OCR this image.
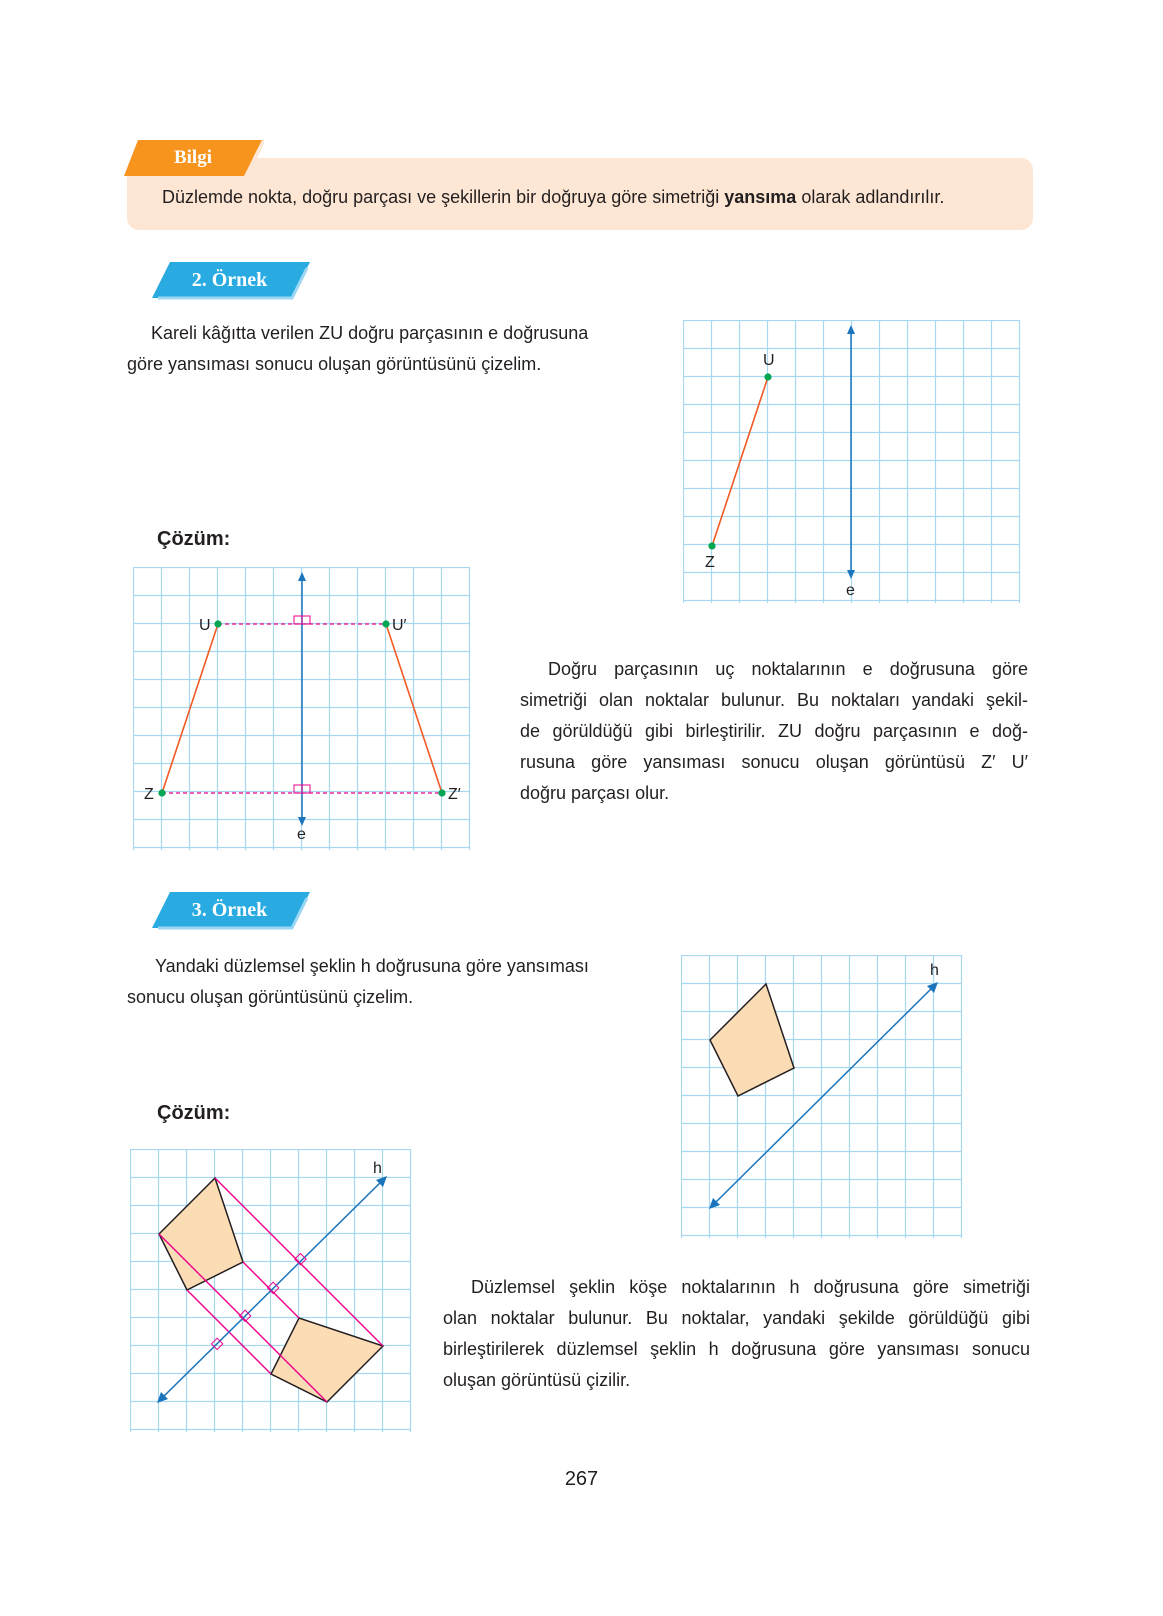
Bilgi
Düzlemde nokta, doğru parçası ve şekillerin bir doğruya göre simetriği yansıma olarak adlandırılır.
2. Örnek
Kareli kâğıtta verilen ZU doğru parçasının e doğrusuna
göre yansıması sonucu oluşan görüntüsünü çizelim.	U
Z
e
Çözüm:
U
Z
U′
Z′
e
Doğru parçasının uç noktalarının e doğrusuna göre
simetriği olan noktalar bulunur. Bu noktaları yandaki şekil-
de görüldüğü gibi birleştirilir. ZU doğru parçasının e doğ-
rusuna göre yansıması sonucu oluşan görüntüsü Z′ U′
doğru parçası olur.
3. Örnek
Yandaki düzlemsel şeklin h doğrusuna göre yansıması
sonucu oluşan görüntüsünü çizelim.
h
Çözüm:
h
Düzlemsel şeklin köşe noktalarının h doğrusuna göre simetriği
olan noktalar bulunur. Bu noktalar, yandaki şekilde görüldüğü gibi
birleştirilerek düzlemsel şeklin h doğrusuna göre yansıması sonucu
oluşan görüntüsü çizilir.
267
